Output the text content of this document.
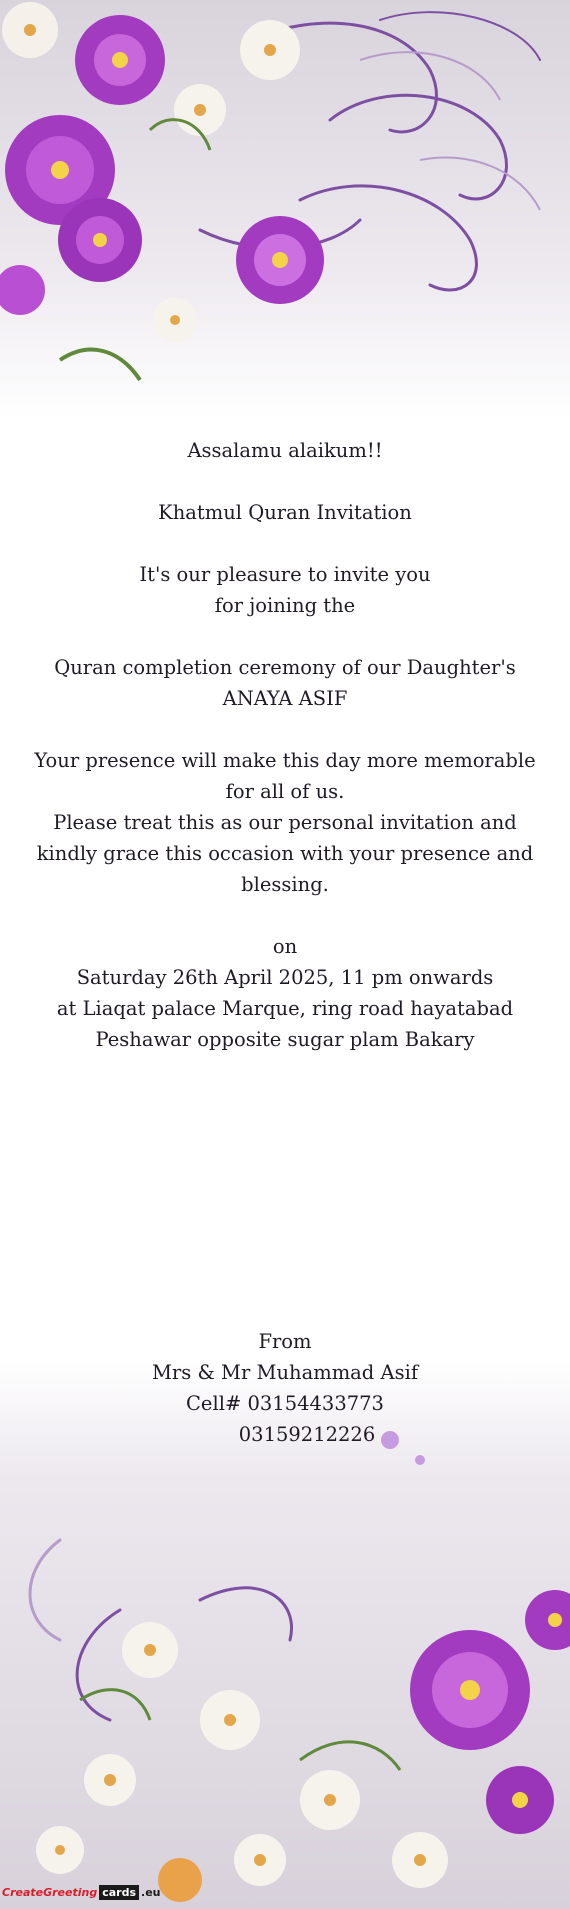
Assalamu alaikum!!
Khatmul Quran Invitation
It's our pleasure to invite you
for joining the
Quran completion ceremony of our Daughter's
ANAYA ASIF
Your presence will make this day more memorable for all of us.
Please treat this as our personal invitation and kindly grace this occasion with your presence and blessing.
on
Saturday 26th April 2025, 11 pm onwards
at Liaqat palace Marque, ring road hayatabad
Peshawar opposite sugar plam Bakary
From
Mrs & Mr Muhammad Asif
Cell# 03154433773
03159212226
CreateGreeting cards .eu
